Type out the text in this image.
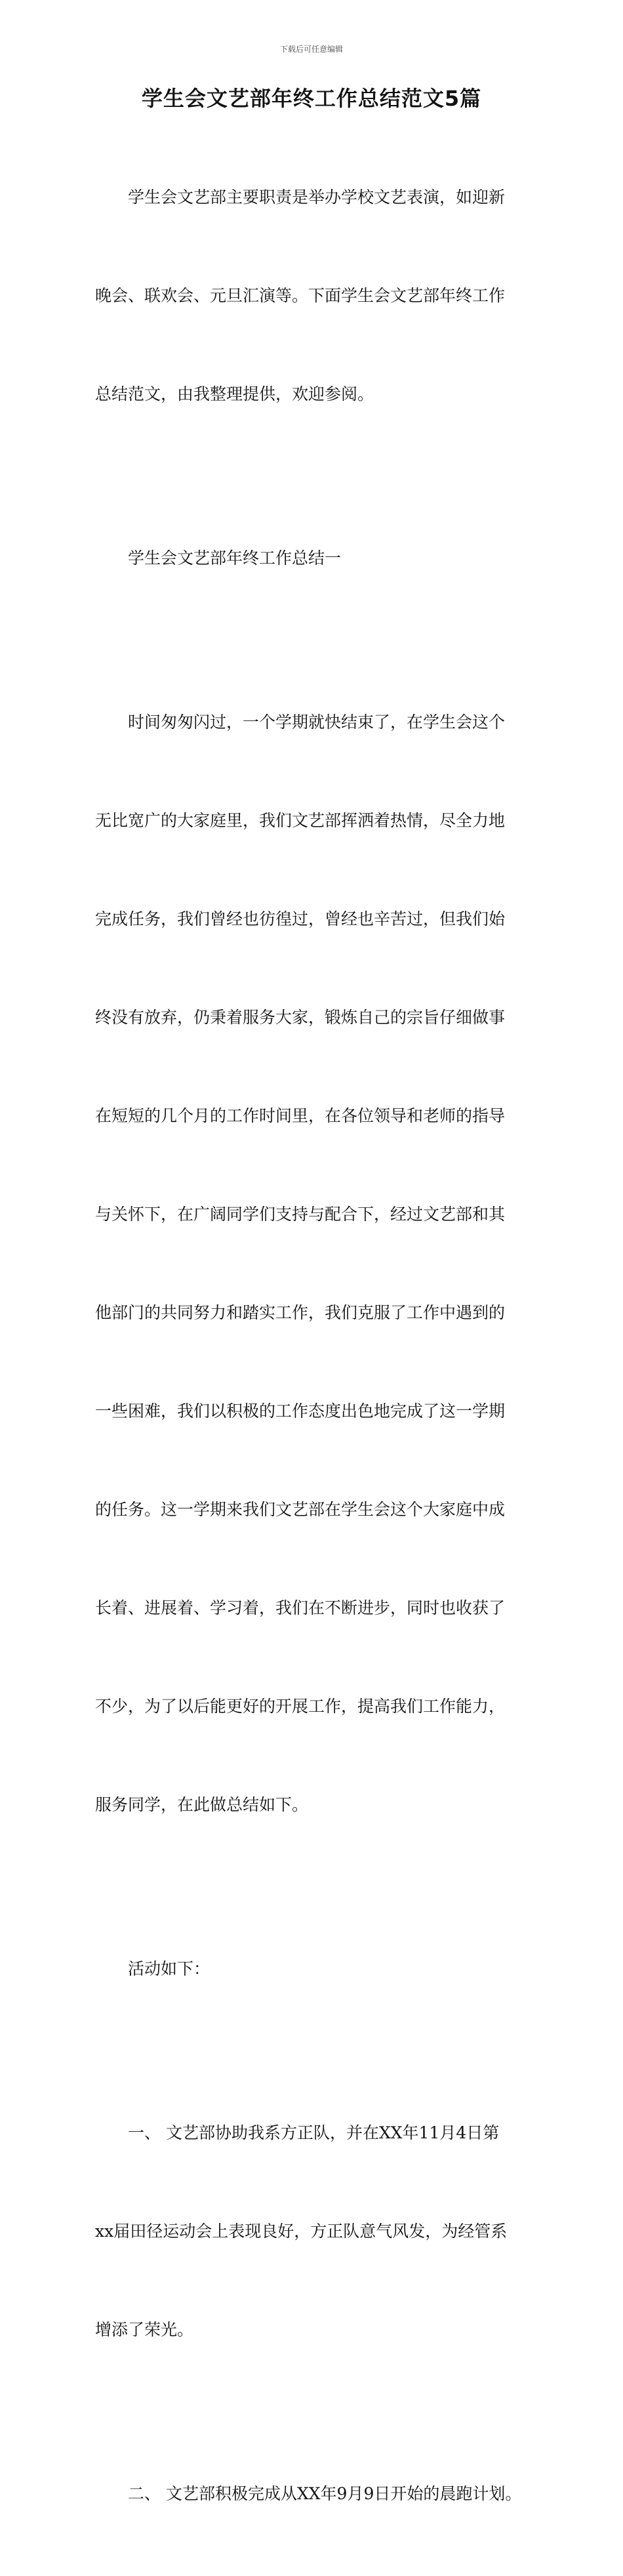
下载后可任意编辑
学生会文艺部年终工作总结范文5篇

学生会文艺部主要职责是举办学校文艺表演，如迎新

晚会、联欢会、元旦汇演等。下面学生会文艺部年终工作

总结范文，由我整理提供，欢迎参阅。

学生会文艺部年终工作总结一

时间匆匆闪过，一个学期就快结束了，在学生会这个

无比宽广的大家庭里，我们文艺部挥洒着热情，尽全力地

完成任务，我们曾经也彷徨过，曾经也辛苦过，但我们始

终没有放弃，仍秉着服务大家，锻炼自己的宗旨仔细做事

在短短的几个月的工作时间里，在各位领导和老师的指导

与关怀下，在广阔同学们支持与配合下，经过文艺部和其

他部门的共同努力和踏实工作，我们克服了工作中遇到的

一些困难，我们以积极的工作态度出色地完成了这一学期

的任务。这一学期来我们文艺部在学生会这个大家庭中成

长着、进展着、学习着，我们在不断进步，同时也收获了

不少，为了以后能更好的开展工作，提高我们工作能力，

服务同学，在此做总结如下。

活动如下：

一、 文艺部协助我系方正队，并在XX年11月4日第

xx届田径运动会上表现良好，方正队意气风发，为经管系

增添了荣光。

二、 文艺部积极完成从XX年9月9日开始的晨跑计划。
